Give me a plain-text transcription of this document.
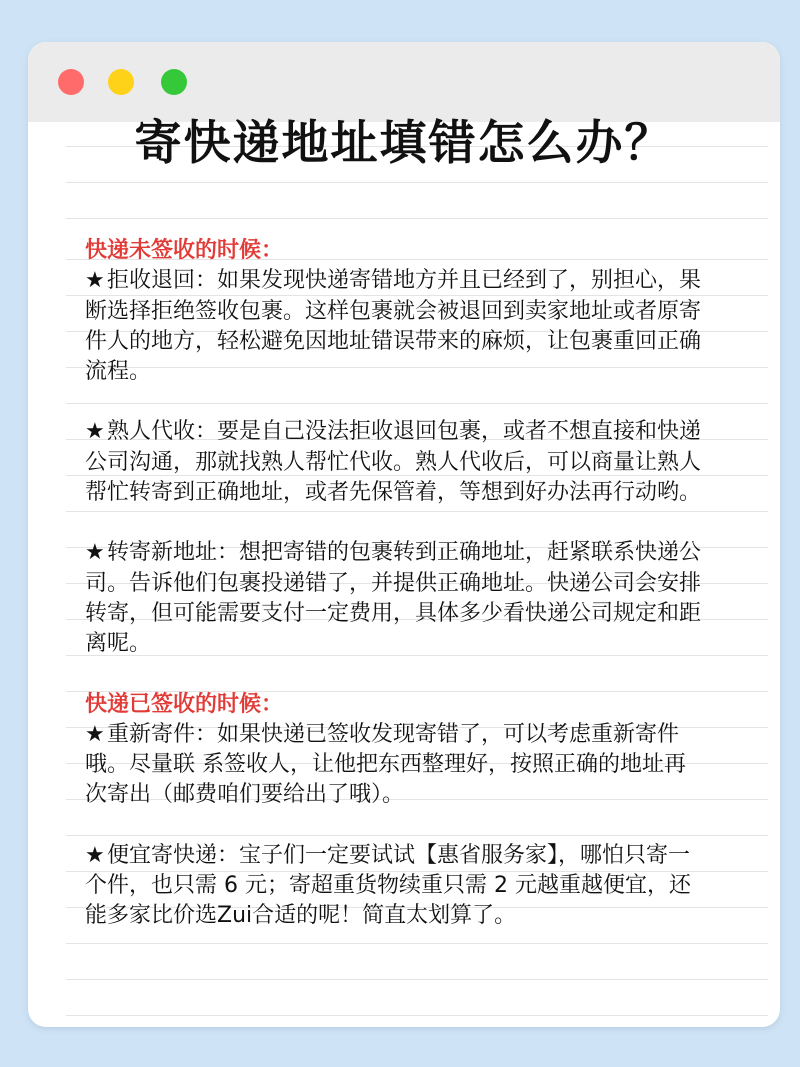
寄快递地址填错怎么办？
快递未签收的时候：
★ 拒收退回：如果发现快递寄错地方并且已经到了，别担心，果断选择拒绝签收包裹。这样包裹就会被退回到卖家地址或者原寄件人的地方，轻松避免因地址错误带来的麻烦，让包裹重回正确流程。

★ 熟人代收：要是自己没法拒收退回包裹，或者不想直接和快递公司沟通，那就找熟人帮忙代收。熟人代收后，可以商量让熟人帮忙转寄到正确地址，或者先保管着，等想到好办法再行动哟。

★ 转寄新地址：想把寄错的包裹转到正确地址，赶紧联系快递公司。告诉他们包裹投递错了，并提供正确地址。快递公司会安排转寄，但可能需要支付一定费用，具体多少看快递公司规定和距离呢。

快递已签收的时候：
★ 重新寄件：如果快递已签收发现寄错了，可以考虑重新寄件哦。尽量联 系签收人，让他把东西整理好，按照正确的地址再次寄出（邮费咱们要给出了哦）。

★ 便宜寄快递：宝子们一定要试试【惠省服务家】，哪怕只寄一个件，也只需 6 元；寄超重货物续重只需 2 元越重越便宜，还能多家比价选Zui合适的呢！简直太划算了。
